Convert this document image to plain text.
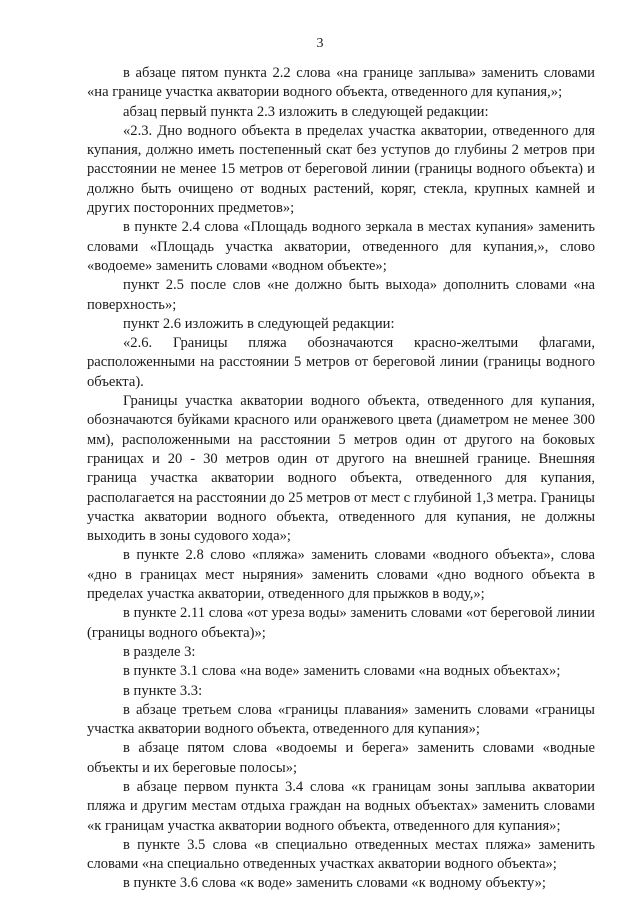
3

в абзаце пятом пункта 2.2 слова «на границе заплыва» заменить словами «на границе участка акватории водного объекта, отведенного для купания,»;

абзац первый пункта 2.3 изложить в следующей редакции:

«2.3. Дно водного объекта в пределах участка акватории, отведенного для купания, должно иметь постепенный скат без уступов до глубины 2 метров при расстоянии не менее 15 метров от береговой линии (границы водного объекта) и должно быть очищено от водных растений, коряг, стекла, крупных камней и других посторонних предметов»;

в пункте 2.4 слова «Площадь водного зеркала в местах купания» заменить словами «Площадь участка акватории, отведенного для купания,», слово «водоеме» заменить словами «водном объекте»;

пункт 2.5 после слов «не должно быть выхода» дополнить словами «на поверхность»;

пункт 2.6 изложить в следующей редакции:

«2.6. Границы пляжа обозначаются красно-желтыми флагами, расположенными на расстоянии 5 метров от береговой линии (границы водного объекта).

Границы участка акватории водного объекта, отведенного для купания, обозначаются буйками красного или оранжевого цвета (диаметром не менее 300 мм), расположенными на расстоянии 5 метров один от другого на боковых границах и 20 - 30 метров один от другого на внешней границе. Внешняя граница участка акватории водного объекта, отведенного для купания, располагается на расстоянии до 25 метров от мест с глубиной 1,3 метра. Границы участка акватории водного объекта, отведенного для купания, не должны выходить в зоны судового хода»;

в пункте 2.8 слово «пляжа» заменить словами «водного объекта», слова «дно в границах мест ныряния» заменить словами «дно водного объекта в пределах участка акватории, отведенного для прыжков в воду,»;

в пункте 2.11 слова «от уреза воды» заменить словами «от береговой линии (границы водного объекта)»;

в разделе 3:

в пункте 3.1 слова «на воде» заменить словами «на водных объектах»;

в пункте 3.3:

в абзаце третьем слова «границы плавания» заменить словами «границы участка акватории водного объекта, отведенного для купания»;

в абзаце пятом слова «водоемы и берега» заменить словами «водные объекты и их береговые полосы»;

в абзаце первом пункта 3.4 слова «к границам зоны заплыва акватории пляжа и другим местам отдыха граждан на водных объектах» заменить словами «к границам участка акватории водного объекта, отведенного для купания»;

в пункте 3.5 слова «в специально отведенных местах пляжа» заменить словами «на специально отведенных участках акватории водного объекта»;

в пункте 3.6 слова «к воде» заменить словами «к водному объекту»;
